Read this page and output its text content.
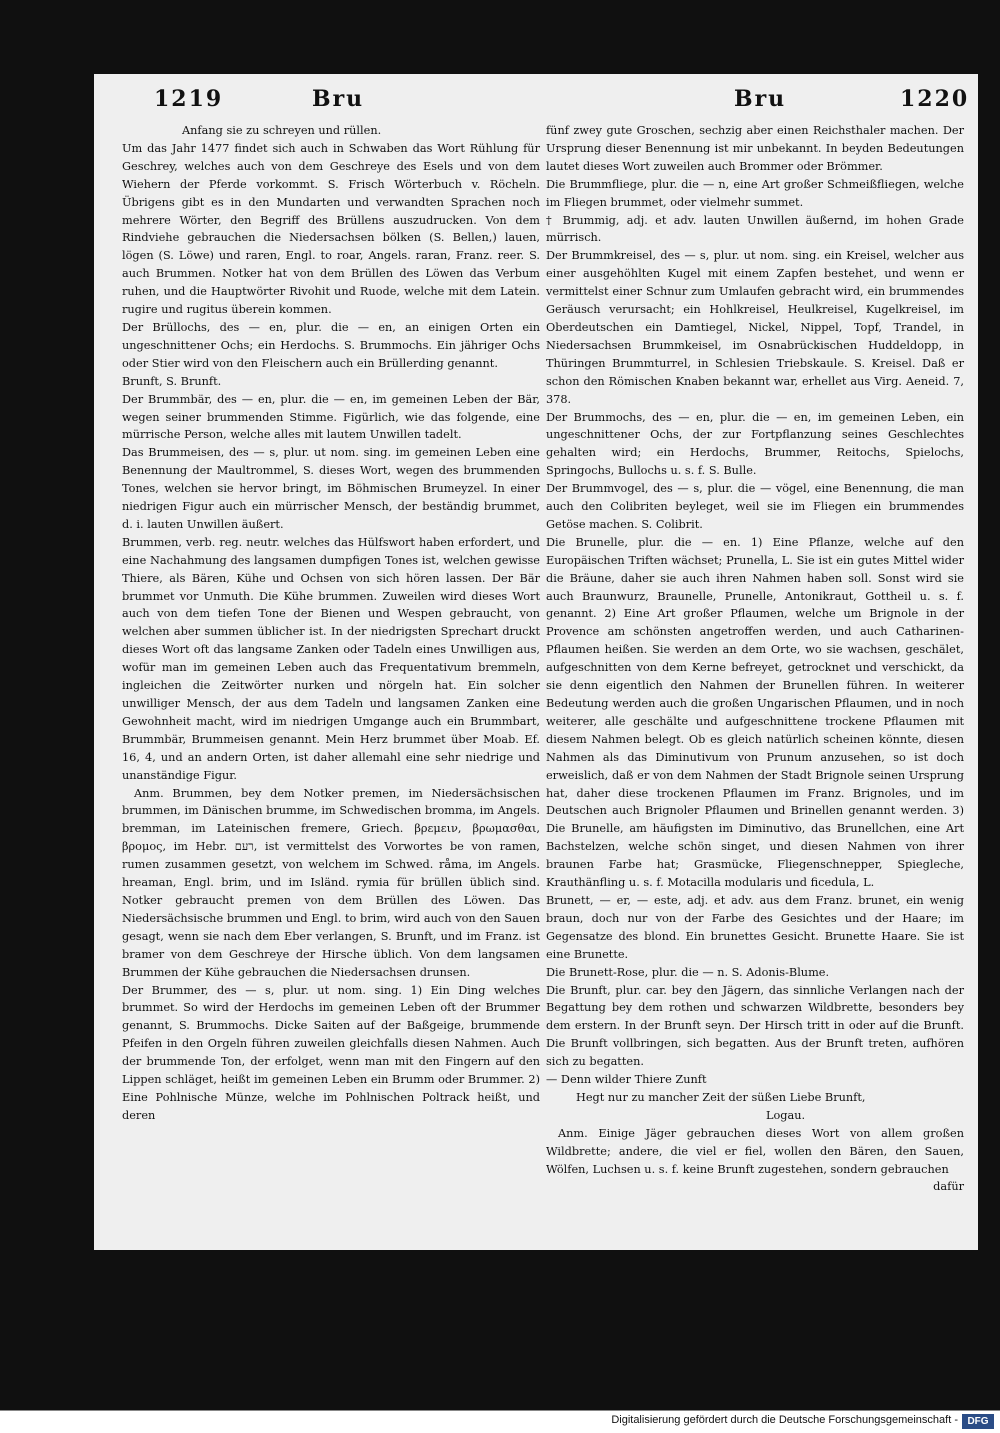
1219	Bru	Bru	1220

Anfang sie zu schreyen und rüllen.

Um das Jahr 1477 findet sich auch in Schwaben das Wort Rühlung für Geschrey, welches auch von dem Geschreye des Esels und von dem Wiehern der Pferde vorkommt. S. Frisch Wörterbuch v. Röcheln. Übrigens gibt es in den Mundarten und verwandten Sprachen noch mehrere Wörter, den Begriff des Brüllens auszudrucken. Von dem Rindviehe gebrauchen die Niedersachsen bölken (S. Bellen,) lauen, lögen (S. Löwe) und raren, Engl. to roar, Angels. raran, Franz. reer. S. auch Brummen. Notker hat von dem Brüllen des Löwen das Verbum ruhen, und die Hauptwörter Rivohit und Ruode, welche mit dem Latein. rugire und rugitus überein kommen.

Der Brüllochs, des — en, plur. die — en, an einigen Orten ein ungeschnittener Ochs; ein Herdochs. S. Brummochs. Ein jähriger Ochs oder Stier wird von den Fleischern auch ein Brüllerding genannt.

Brunft, S. Brunft.

Der Brummbär, des — en, plur. die — en, im gemeinen Leben der Bär, wegen seiner brummenden Stimme. Figürlich, wie das folgende, eine mürrische Person, welche alles mit lautem Unwillen tadelt.

Das Brummeisen, des — s, plur. ut nom. sing. im gemeinen Leben eine Benennung der Maultrommel, S. dieses Wort, wegen des brummenden Tones, welchen sie hervor bringt, im Böhmischen Brumeyzel. In einer niedrigen Figur auch ein mürrischer Mensch, der beständig brummet, d. i. lauten Unwillen äußert.

Brummen, verb. reg. neutr. welches das Hülfswort haben erfordert, und eine Nachahmung des langsamen dumpfigen Tones ist, welchen gewisse Thiere, als Bären, Kühe und Ochsen von sich hören lassen. Der Bär brummet vor Unmuth. Die Kühe brummen. Zuweilen wird dieses Wort auch von dem tiefen Tone der Bienen und Wespen gebraucht, von welchen aber summen üblicher ist. In der niedrigsten Sprechart druckt dieses Wort oft das langsame Zanken oder Tadeln eines Unwilligen aus, wofür man im gemeinen Leben auch das Frequentativum bremmeln, ingleichen die Zeitwörter nurken und nörgeln hat. Ein solcher unwilliger Mensch, der aus dem Tadeln und langsamen Zanken eine Gewohnheit macht, wird im niedrigen Umgange auch ein Brummbart, Brummbär, Brummeisen genannt. Mein Herz brummet über Moab. Ef. 16, 4, und an andern Orten, ist daher allemahl eine sehr niedrige und unanständige Figur.

Anm. Brummen, bey dem Notker premen, im Niedersächsischen brummen, im Dänischen brumme, im Schwedischen bromma, im Angels. bremman, im Lateinischen fremere, Griech. βρεμειν, βρωμασθαι, βρομος, im Hebr. רעם, ist vermittelst des Vorwortes be von ramen, rumen zusammen gesetzt, von welchem im Schwed. råma, im Angels. hreaman, Engl. brim, und im Isländ. rymia für brüllen üblich sind. Notker gebraucht premen von dem Brüllen des Löwen. Das Niedersächsische brummen und Engl. to brim, wird auch von den Sauen gesagt, wenn sie nach dem Eber verlangen, S. Brunft, und im Franz. ist bramer von dem Geschreye der Hirsche üblich. Von dem langsamen Brummen der Kühe gebrauchen die Niedersachsen drunsen.

Der Brummer, des — s, plur. ut nom. sing. 1) Ein Ding welches brummet. So wird der Herdochs im gemeinen Leben oft der Brummer genannt, S. Brummochs. Dicke Saiten auf der Baßgeige, brummende Pfeifen in den Orgeln führen zuweilen gleichfalls diesen Nahmen. Auch der brummende Ton, der erfolget, wenn man mit den Fingern auf den Lippen schläget, heißt im gemeinen Leben ein Brumm oder Brummer. 2) Eine Pohlnische Münze, welche im Pohlnischen Poltrack heißt, und deren

fünf zwey gute Groschen, sechzig aber einen Reichsthaler machen. Der Ursprung dieser Benennung ist mir unbekannt. In beyden Bedeutungen lautet dieses Wort zuweilen auch Brommer oder Brömmer.

Die Brummfliege, plur. die — n, eine Art großer Schmeißfliegen, welche im Fliegen brummet, oder vielmehr summet.

† Brummig, adj. et adv. lauten Unwillen äußernd, im hohen Grade mürrisch.

Der Brummkreisel, des — s, plur. ut nom. sing. ein Kreisel, welcher aus einer ausgehöhlten Kugel mit einem Zapfen bestehet, und wenn er vermittelst einer Schnur zum Umlaufen gebracht wird, ein brummendes Geräusch verursacht; ein Hohlkreisel, Heulkreisel, Kugelkreisel, im Oberdeutschen ein Damtiegel, Nickel, Nippel, Topf, Trandel, in Niedersachsen Brummkeisel, im Osnabrückischen Huddeldopp, in Thüringen Brummturrel, in Schlesien Triebskaule. S. Kreisel. Daß er schon den Römischen Knaben bekannt war, erhellet aus Virg. Aeneid. 7, 378.

Der Brummochs, des — en, plur. die — en, im gemeinen Leben, ein ungeschnittener Ochs, der zur Fortpflanzung seines Geschlechtes gehalten wird; ein Herdochs, Brummer, Reitochs, Spielochs, Springochs, Bullochs u. s. f. S. Bulle.

Der Brummvogel, des — s, plur. die — vögel, eine Benennung, die man auch den Colibriten beyleget, weil sie im Fliegen ein brummendes Getöse machen. S. Colibrit.

Die Brunelle, plur. die — en. 1) Eine Pflanze, welche auf den Europäischen Triften wächset; Prunella, L. Sie ist ein gutes Mittel wider die Bräune, daher sie auch ihren Nahmen haben soll. Sonst wird sie auch Braunwurz, Braunelle, Prunelle, Antonikraut, Gottheil u. s. f. genannt. 2) Eine Art großer Pflaumen, welche um Brignole in der Provence am schönsten angetroffen werden, und auch Catharinen-Pflaumen heißen. Sie werden an dem Orte, wo sie wachsen, geschälet, aufgeschnitten von dem Kerne befreyet, getrocknet und verschickt, da sie denn eigentlich den Nahmen der Brunellen führen. In weiterer Bedeutung werden auch die großen Ungarischen Pflaumen, und in noch weiterer, alle geschälte und aufgeschnittene trockene Pflaumen mit diesem Nahmen belegt. Ob es gleich natürlich scheinen könnte, diesen Nahmen als das Diminutivum von Prunum anzusehen, so ist doch erweislich, daß er von dem Nahmen der Stadt Brignole seinen Ursprung hat, daher diese trockenen Pflaumen im Franz. Brignoles, und im Deutschen auch Brignoler Pflaumen und Brinellen genannt werden. 3) Die Brunelle, am häufigsten im Diminutivo, das Brunellchen, eine Art Bachstelzen, welche schön singet, und diesen Nahmen von ihrer braunen Farbe hat; Grasmücke, Fliegenschnepper, Spiegleche, Krauthänfling u. s. f. Motacilla modularis und ficedula, L.

Brunett, — er, — este, adj. et adv. aus dem Franz. brunet, ein wenig braun, doch nur von der Farbe des Gesichtes und der Haare; im Gegensatze des blond. Ein brunettes Gesicht. Brunette Haare. Sie ist eine Brunette.

Die Brunett-Rose, plur. die — n. S. Adonis-Blume.

Die Brunft, plur. car. bey den Jägern, das sinnliche Verlangen nach der Begattung bey dem rothen und schwarzen Wildbrette, besonders bey dem erstern. In der Brunft seyn. Der Hirsch tritt in oder auf die Brunft. Die Brunft vollbringen, sich begatten. Aus der Brunft treten, aufhören sich zu begatten.

— Denn wilder Thiere Zunft

Hegt nur zu mancher Zeit der süßen Liebe Brunft,

Logau.

Anm. Einige Jäger gebrauchen dieses Wort von allem großen Wildbrette; andere, die viel er fiel, wollen den Bären, den Sauen, Wölfen, Luchsen u. s. f. keine Brunft zugestehen, sondern gebrauchen

dafür

Digitalisierung gefördert durch die Deutsche Forschungsgemeinschaft - DFG
